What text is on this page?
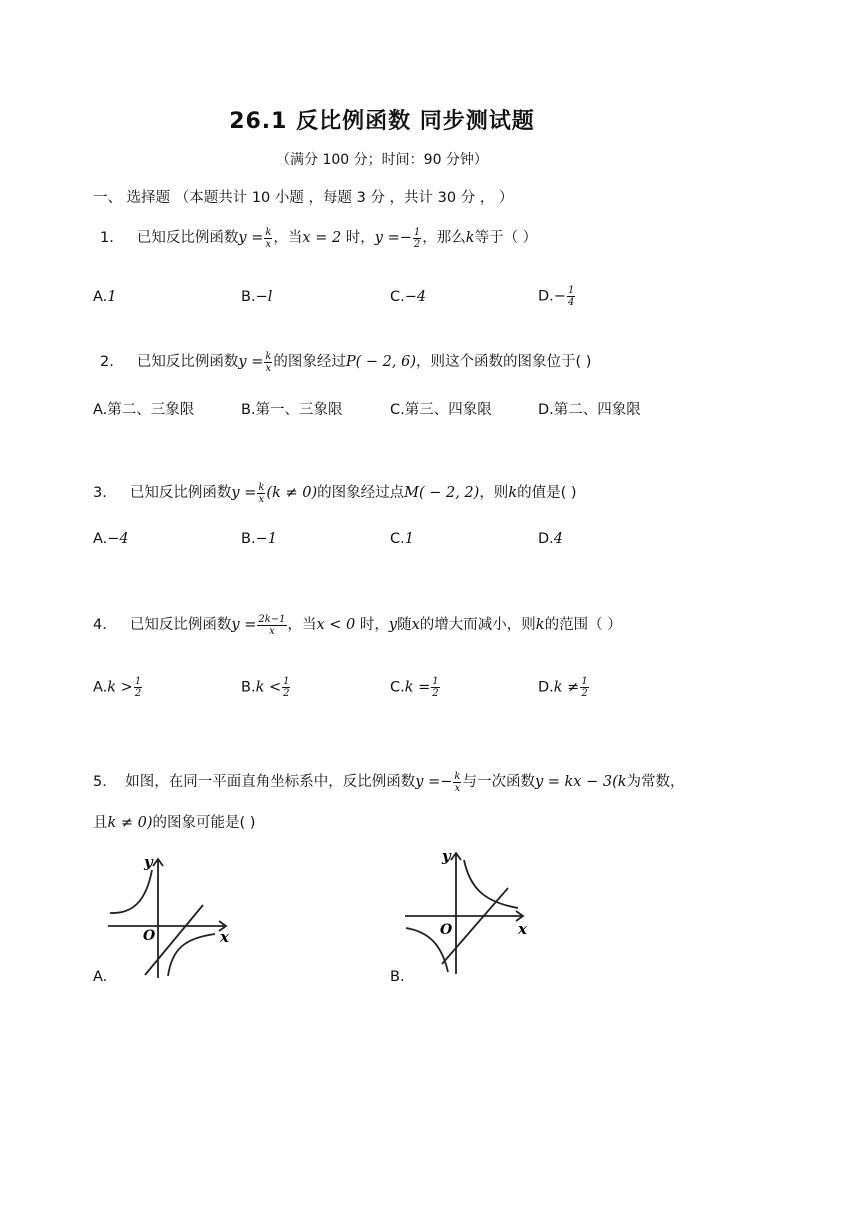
26.1 反比例函数 同步测试题
（满分 100 分；时间：90 分钟）
一、 选择题 （本题共计 10 小题 ，每题 3 分 ，共计 30 分 ， ）
1. 已知反比例函数$y = \frac{k}{x}$ ，当x = 2 时，$y =- \frac{1}{2}$ ，那么k等于（ ）
A.1	B.−l	C.−4	$D.- \frac{1}{4}$
2. 已知反比例函数$y = \frac{k}{x}$ 的图象经过P( − 2, 6)，则这个函数的图象位于( )
A.第二、三象限	B.第一、三象限	C.第三、四象限	D.第二、四象限
3. 已知反比例函数$y = \frac{k}{x} (k \ne 0)$的图象经过点M( − 2, 2)，则k的值是( )
A.−4	B.−1	C.1	D.4
4. 已知反比例函数$y = \frac{2k-1}{x}$ ，当x < 0 时，y随x的增大而减小，则k的范围（ ）
$A.k > \frac{1}{2}$	$B.k < \frac{1}{2}$	$C.k = \frac{1}{2}$	$D.k \ne \frac{1}{2}$
5. 如图，在同一平面直角坐标系中，反比例函数$y =- \frac{k}{x}$ 与一次函数y = kx − 3(k为常数，
且k ≠ 0)的图象可能是( )
y
x
O
A.
y
x
O
B.
